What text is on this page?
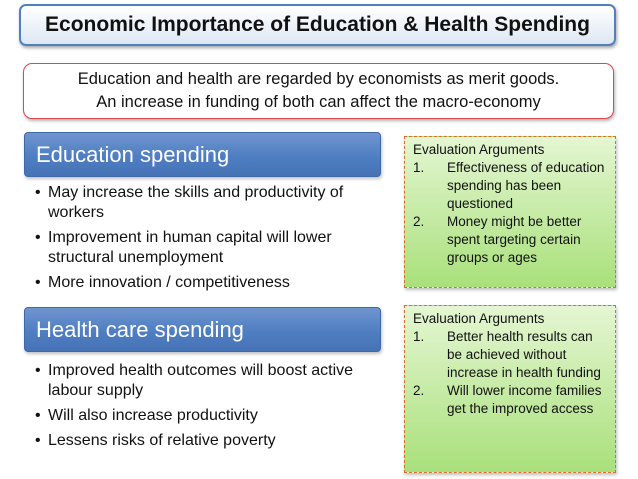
Economic Importance of Education & Health Spending
Education and health are regarded by economists as merit goods.
An increase in funding of both can affect the macro-economy
Education spending
• May increase the skills and productivity of workers
• Improvement in human capital will lower structural unemployment
• More innovation / competitiveness
Evaluation Arguments
1. Effectiveness of education spending has been questioned
2. Money might be better spent targeting certain groups or ages
Health care spending
• Improved health outcomes will boost active labour supply
• Will also increase productivity
• Lessens risks of relative poverty
Evaluation Arguments
1. Better health results can be achieved without increase in health funding
2. Will lower income families get the improved access
